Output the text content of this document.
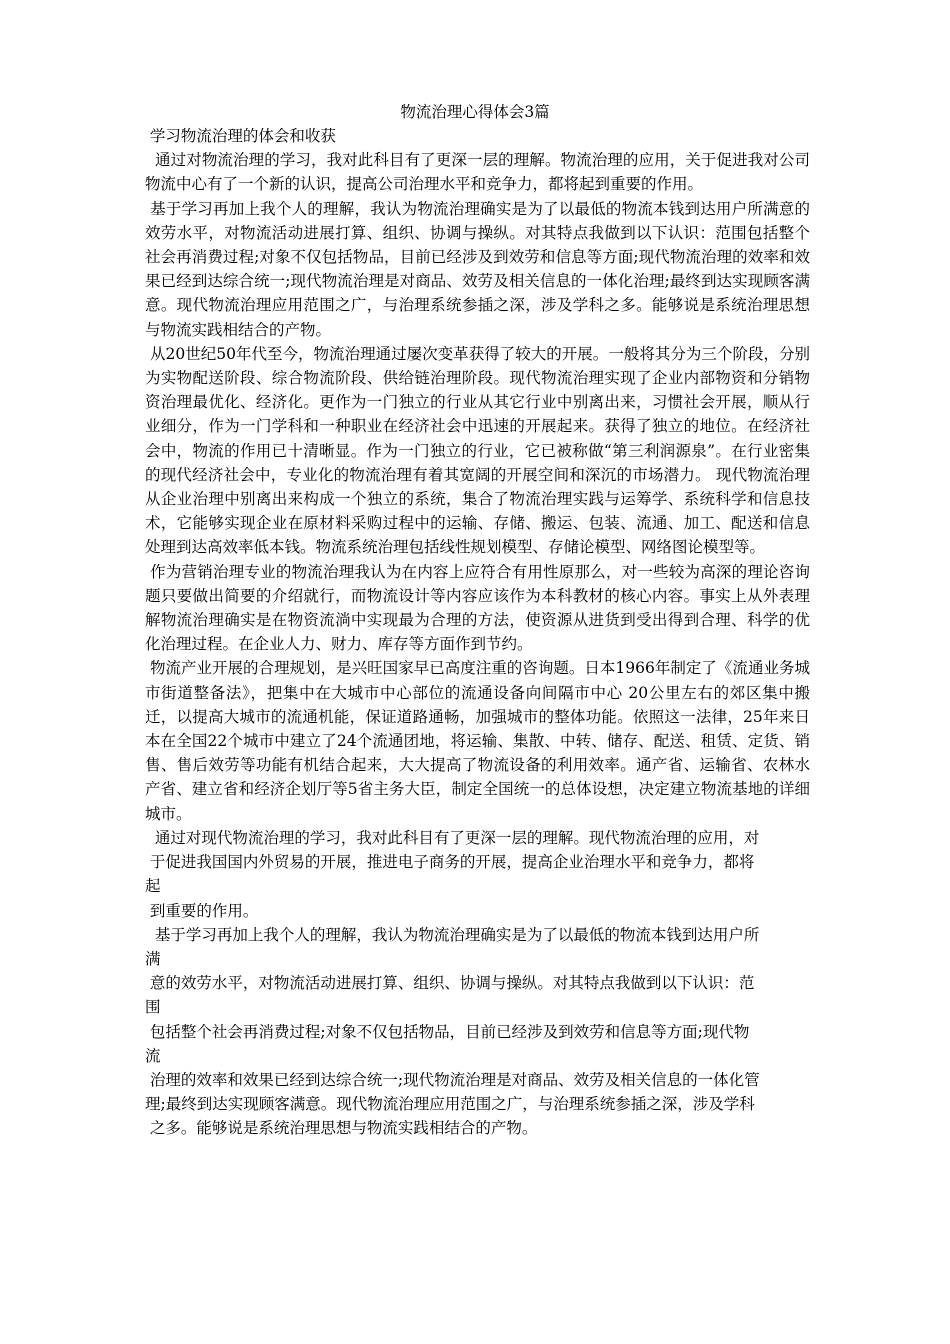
物流治理心得体会3篇

学习物流治理的体会和收获

通过对物流治理的学习，我对此科目有了更深一层的理解。物流治理的应用，关于促进我对公司物流中心有了一个新的认识，提高公司治理水平和竞争力，都将起到重要的作用。

基于学习再加上我个人的理解，我认为物流治理确实是为了以最低的物流本钱到达用户所满意的效劳水平，对物流活动进展打算、组织、协调与操纵。对其特点我做到以下认识：范围包括整个社会再消费过程;对象不仅包括物品，目前已经涉及到效劳和信息等方面;现代物流治理的效率和效果已经到达综合统一;现代物流治理是对商品、效劳及相关信息的一体化治理;最终到达实现顾客满意。现代物流治理应用范围之广，与治理系统参插之深，涉及学科之多。能够说是系统治理思想与物流实践相结合的产物。

从20世纪50年代至今，物流治理通过屡次变革获得了较大的开展。一般将其分为三个阶段，分别为实物配送阶段、综合物流阶段、供给链治理阶段。现代物流治理实现了企业内部物资和分销物资治理最优化、经济化。更作为一门独立的行业从其它行业中别离出来，习惯社会开展，顺从行业细分，作为一门学科和一种职业在经济社会中迅速的开展起来。获得了独立的地位。在经济社会中，物流的作用已十清晰显。作为一门独立的行业，它已被称做“第三利润源泉”。在行业密集的现代经济社会中，专业化的物流治理有着其宽阔的开展空间和深沉的市场潜力。 现代物流治理从企业治理中别离出来构成一个独立的系统，集合了物流治理实践与运筹学、系统科学和信息技术，它能够实现企业在原材料采购过程中的运输、存储、搬运、包装、流通、加工、配送和信息处理到达高效率低本钱。物流系统治理包括线性规划模型、存储论模型、网络图论模型等。

作为营销治理专业的物流治理我认为在内容上应符合有用性原那么，对一些较为高深的理论咨询题只要做出简要的介绍就行，而物流设计等内容应该作为本科教材的核心内容。事实上从外表理解物流治理确实是在物资流淌中实现最为合理的方法，使资源从进货到受出得到合理、科学的优化治理过程。在企业人力、财力、库存等方面作到节约。

物流产业开展的合理规划，是兴旺国家早已高度注重的咨询题。日本1966年制定了《流通业务城市街道整备法》，把集中在大城市中心部位的流通设备向间隔市中心 20公里左右的郊区集中搬迁，以提高大城市的流通机能，保证道路通畅，加强城市的整体功能。依照这一法律，25年来日本在全国22个城市中建立了24个流通团地，将运输、集散、中转、储存、配送、租赁、定货、销售、售后效劳等功能有机结合起来，大大提高了物流设备的利用效率。通产省、运输省、农林水产省、建立省和经济企划厅等5省主务大臣，制定全国统一的总体设想，决定建立物流基地的详细城市。

通过对现代物流治理的学习，我对此科目有了更深一层的理解。现代物流治理的应用，对

于促进我国国内外贸易的开展，推进电子商务的开展，提高企业治理水平和竞争力，都将

起

到重要的作用。

基于学习再加上我个人的理解，我认为物流治理确实是为了以最低的物流本钱到达用户所

满

意的效劳水平，对物流活动进展打算、组织、协调与操纵。对其特点我做到以下认识：范

围

包括整个社会再消费过程;对象不仅包括物品，目前已经涉及到效劳和信息等方面;现代物

流

治理的效率和效果已经到达综合统一;现代物流治理是对商品、效劳及相关信息的一体化管

理;最终到达实现顾客满意。现代物流治理应用范围之广，与治理系统参插之深，涉及学科

之多。能够说是系统治理思想与物流实践相结合的产物。
